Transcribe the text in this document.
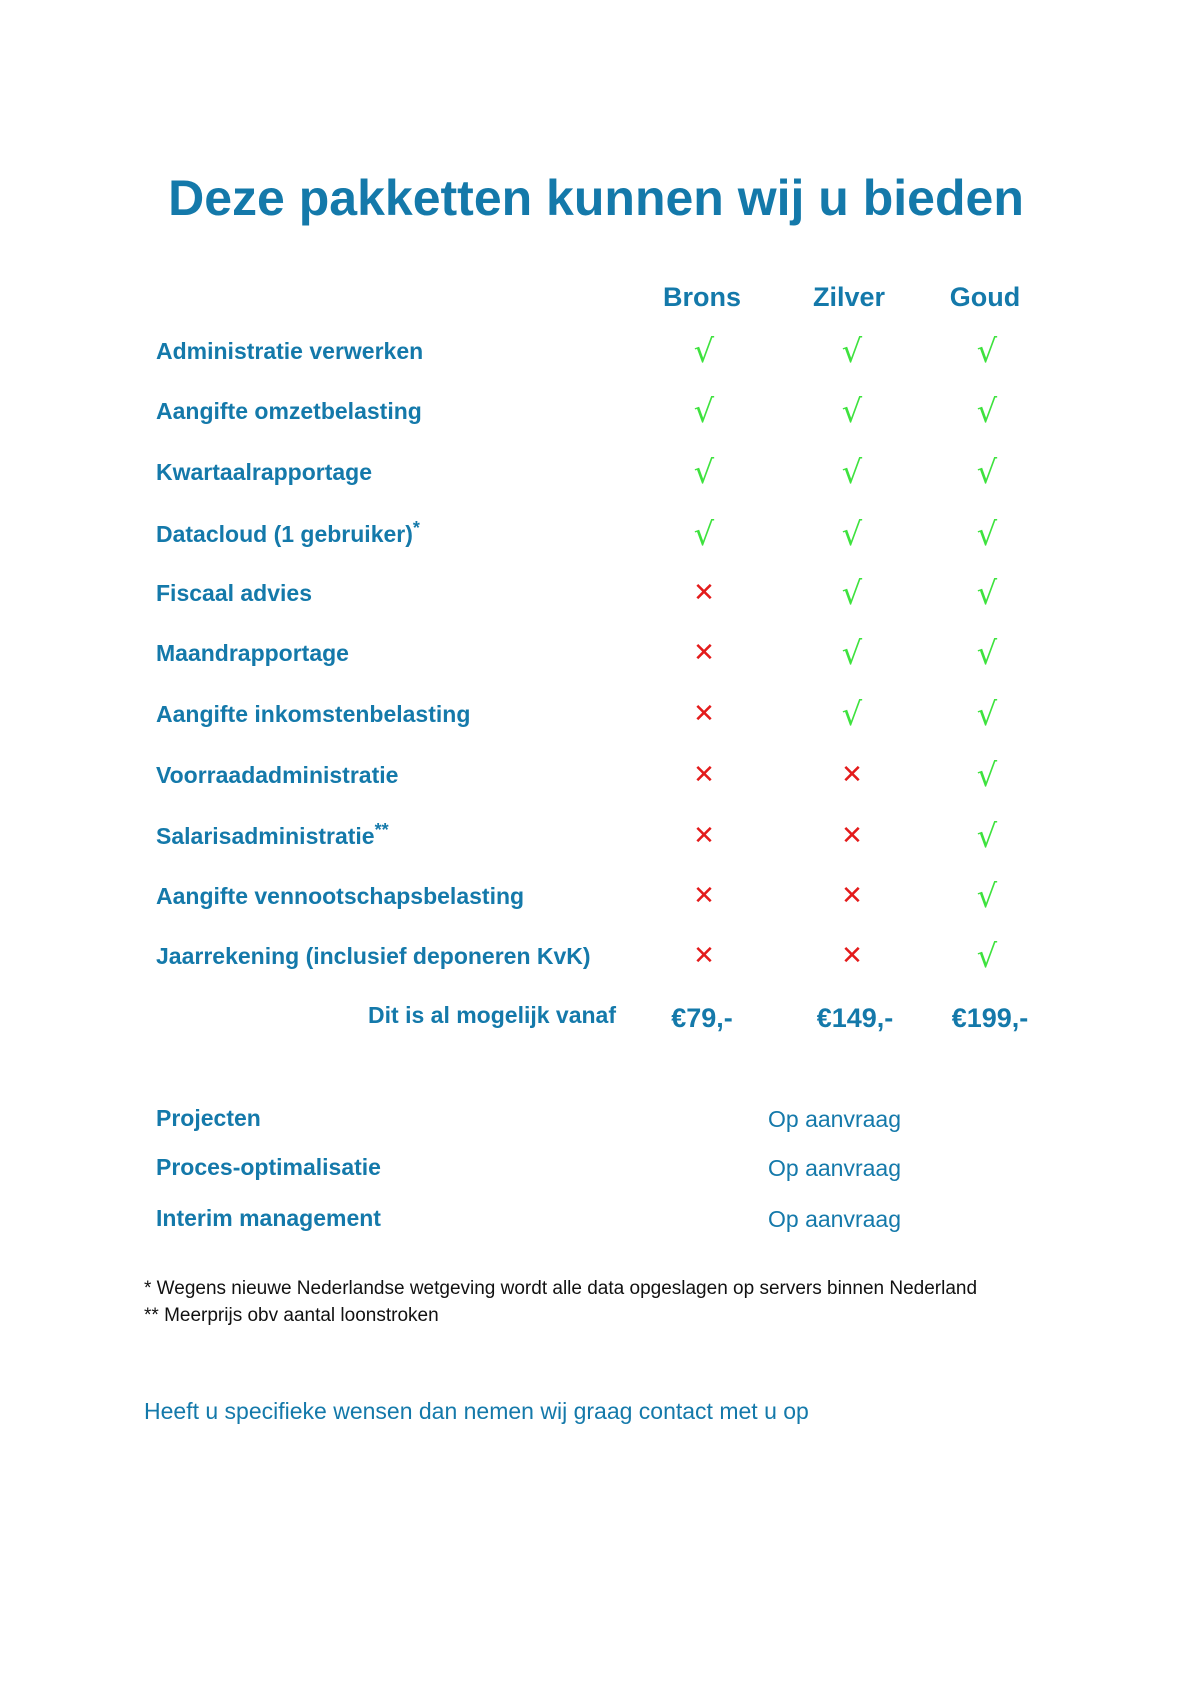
Deze pakketten kunnen wij u bieden
Brons	Zilver	Goud
Administratie verwerken	√	√	√
Aangifte omzetbelasting	√	√	√
Kwartaalrapportage	√	√	√
Datacloud (1 gebruiker)*	√	√	√
Fiscaal advies	✕	√	√
Maandrapportage	✕	√	√
Aangifte inkomstenbelasting	✕	√	√
Voorraadadministratie	✕	✕	√
Salarisadministratie**	✕	✕	√
Aangifte vennootschapsbelasting	✕	✕	√
Jaarrekening (inclusief deponeren KvK)	✕	✕	√
Dit is al mogelijk vanaf	€79,-	€149,-	€199,-
Projecten	Op aanvraag
Proces-optimalisatie	Op aanvraag
Interim management	Op aanvraag
* Wegens nieuwe Nederlandse wetgeving wordt alle data opgeslagen op servers binnen Nederland
** Meerprijs obv aantal loonstroken
Heeft u specifieke wensen dan nemen wij graag contact met u op
